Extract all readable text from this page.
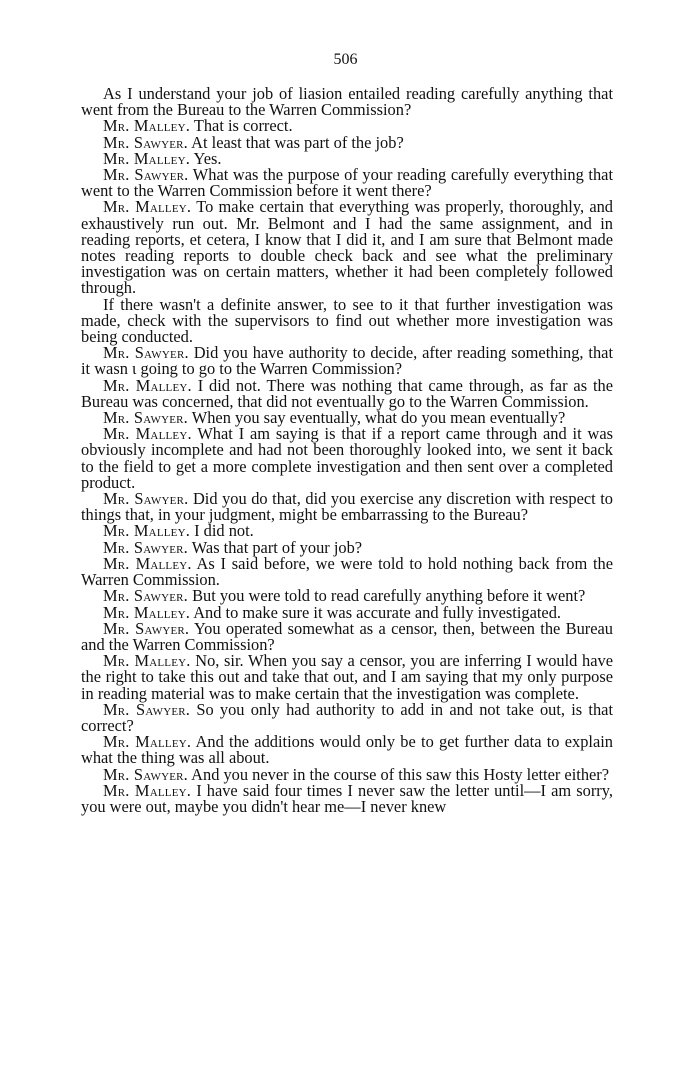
506

As I understand your job of liasion entailed reading carefully anything that went from the Bureau to the Warren Commission?

Mr. Malley. That is correct.

Mr. Sawyer. At least that was part of the job?

Mr. Malley. Yes.

Mr. Sawyer. What was the purpose of your reading carefully everything that went to the Warren Commission before it went there?

Mr. Malley. To make certain that everything was properly, thoroughly, and exhaustively run out. Mr. Belmont and I had the same assignment, and in reading reports, et cetera, I know that I did it, and I am sure that Belmont made notes reading reports to double check back and see what the preliminary investigation was on certain matters, whether it had been completely followed through.

If there wasn't a definite answer, to see to it that further investigation was made, check with the supervisors to find out whether more investigation was being conducted.

Mr. Sawyer. Did you have authority to decide, after reading something, that it wasn ι going to go to the Warren Commission?

Mr. Malley. I did not. There was nothing that came through, as far as the Bureau was concerned, that did not eventually go to the Warren Commission.

Mr. Sawyer. When you say eventually, what do you mean eventually?

Mr. Malley. What I am saying is that if a report came through and it was obviously incomplete and had not been thoroughly looked into, we sent it back to the field to get a more complete investigation and then sent over a completed product.

Mr. Sawyer. Did you do that, did you exercise any discretion with respect to things that, in your judgment, might be embarrassing to the Bureau?

Mr. Malley. I did not.

Mr. Sawyer. Was that part of your job?

Mr. Malley. As I said before, we were told to hold nothing back from the Warren Commission.

Mr. Sawyer. But you were told to read carefully anything before it went?

Mr. Malley. And to make sure it was accurate and fully investigated.

Mr. Sawyer. You operated somewhat as a censor, then, between the Bureau and the Warren Commission?

Mr. Malley. No, sir. When you say a censor, you are inferring I would have the right to take this out and take that out, and I am saying that my only purpose in reading material was to make certain that the investigation was complete.

Mr. Sawyer. So you only had authority to add in and not take out, is that correct?

Mr. Malley. And the additions would only be to get further data to explain what the thing was all about.

Mr. Sawyer. And you never in the course of this saw this Hosty letter either?

Mr. Malley. I have said four times I never saw the letter until—I am sorry, you were out, maybe you didn't hear me—I never knew
